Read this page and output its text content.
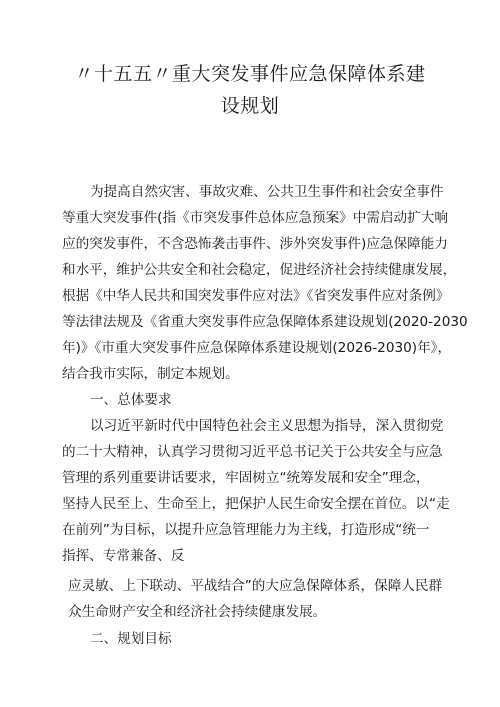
〃十五五〃重大突发事件应急保障体系建
设规划
为提高自然灾害、事故灾难、公共卫生事件和社会安全事件
等重大突发事件(指《市突发事件总体应急预案》中需启动扩大响
应的突发事件，不含恐怖袭击事件、涉外突发事件)应急保障能力
和水平，维护公共安全和社会稳定，促进经济社会持续健康发展，
根据《中华人民共和国突发事件应对法》《省突发事件应对条例》
等法律法规及《省重大突发事件应急保障体系建设规划(2020-2030
年)》《市重大突发事件应急保障体系建设规划(2026-2030)年》，
结合我市实际，制定本规划。
一、总体要求
以习近平新时代中国特色社会主义思想为指导，深入贯彻党
的二十大精神，认真学习贯彻习近平总书记关于公共安全与应急
管理的系列重要讲话要求，牢固树立“统筹发展和安全”理念，
坚持人民至上、生命至上，把保护人民生命安全摆在首位。以“走
在前列”为目标，以提升应急管理能力为主线，打造形成“统一
指挥、专常兼备、反
应灵敏、上下联动、平战结合”的大应急保障体系，保障人民群
众生命财产安全和经济社会持续健康发展。
二、规划目标
